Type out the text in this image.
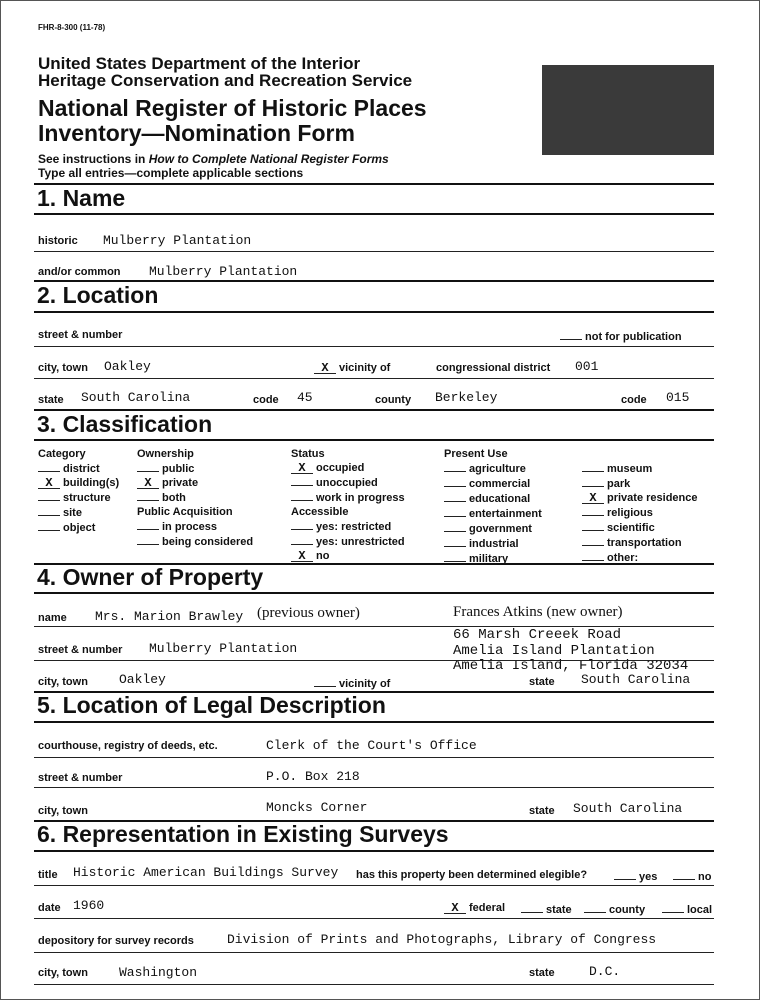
FHR-8-300 (11-78)
United States Department of the Interior
Heritage Conservation and Recreation Service
National Register of Historic Places
Inventory—Nomination Form
See instructions in How to Complete National Register Forms
Type all entries—complete applicable sections
1. Name
historic Mulberry Plantation
and/or common Mulberry Plantation
2. Location
street & number	not for publication
city, town Oakley	X vicinity of	congressional district 001
state South Carolina	code 45	county Berkeley	code 015
3. Classification
Category
district
X building(s)
structure
site
object
Ownership
public
X private
both
Public Acquisition
in process
being considered
Status
X occupied
unoccupied
work in progress
Accessible
yes: restricted
yes: unrestricted
X no
Present Use
agriculture
commercial
educational
entertainment
government
industrial
military
museum
park
X private residence
religious
scientific
transportation
other:
4. Owner of Property
name Mrs. Marion Brawley (previous owner)	Frances Atkins (new owner)
66 Marsh Creeek Road
Amelia Island Plantation
Amelia Island, Florida 32034
street & number Mulberry Plantation
city, town Oakley	vicinity of	state South Carolina
5. Location of Legal Description
courthouse, registry of deeds, etc.	Clerk of the Court's Office
street & number	P.O. Box 218
city, town	Moncks Corner	state South Carolina
6. Representation in Existing Surveys
title Historic American Buildings Survey has this property been determined elegible?	yes	no
date 1960	X federal	state	county	local
depository for survey records	Division of Prints and Photographs, Library of Congress
city, town Washington	state	D.C.
